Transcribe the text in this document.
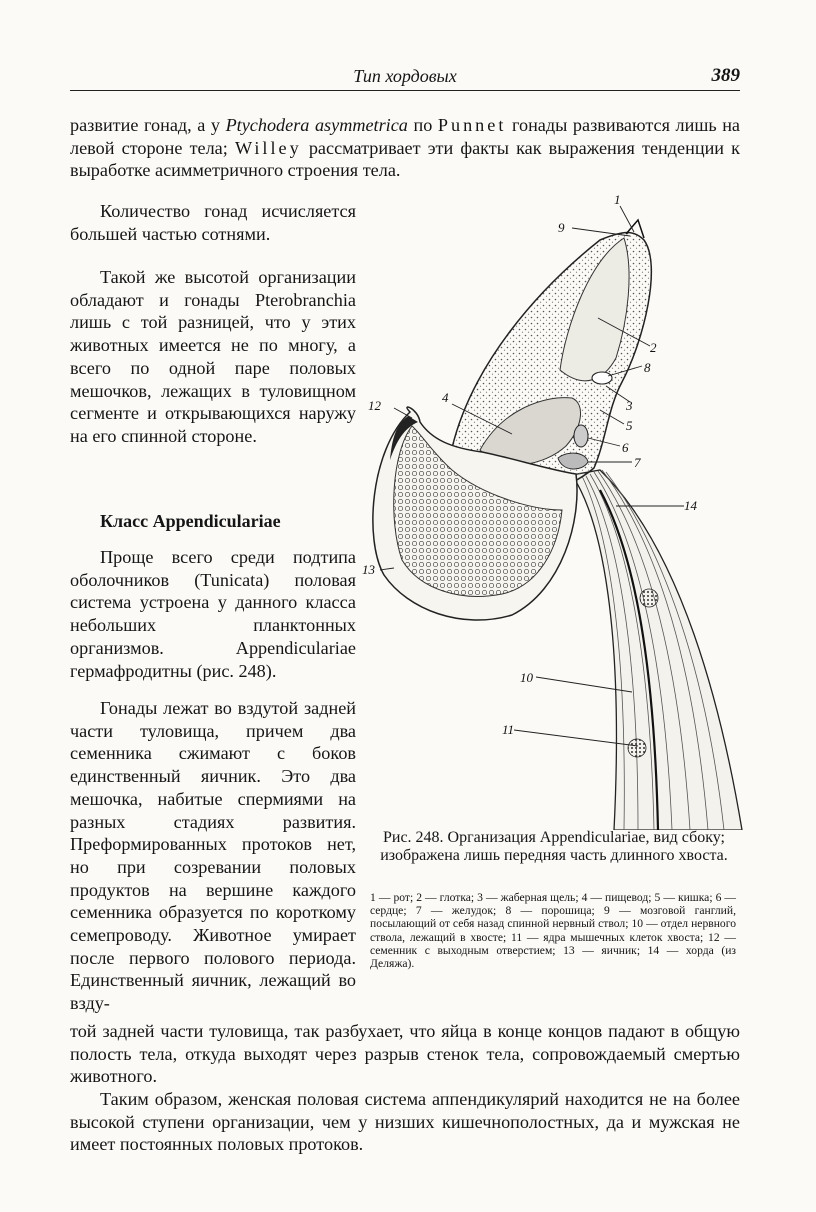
Тип хордовых	389
развитие гонад, а у Ptychodera asymmetrica по Punnet гонады развиваются лишь на левой стороне тела; Willey рассматривает эти факты как выражения тенденции к выработке асимметричного строения тела.
Количество гонад исчисляется большей частью сотнями.
Такой же высотой организации обладают и гонады Pterobranchia лишь с той разницей, что у этих животных имеется не по многу, а всего по одной паре половых мешочков, лежащих в туловищном сегменте и открывающихся наружу на его спинной стороне.
Класс Appendiculariae
Проще всего среди подтипа оболочников (Tunicata) половая система устроена у данного класса небольших планктонных организмов. Appendiculariae гермафродитны (рис. 248).
Гонады лежат во вздутой задней части туловища, причем два семенника сжимают с боков единственный яичник. Это два мешочка, набитые спермиями на разных стадиях развития. Преформированных протоков нет, но при созревании половых продуктов на вершине каждого семенника образуется по короткому семепроводу. Животное умирает после первого полового периода. Единственный яичник, лежащий во взду-
той задней части туловища, так разбухает, что яйца в конце концов падают в общую полость тела, откуда выходят через разрыв стенок тела, сопровождаемый смертью животного.
Таким образом, женская половая система аппендикулярий находится не на более высокой ступени организации, чем у низших кишечнополостных, да и мужская не имеет постоянных половых протоков.
1
2
3
4
5
6
7
8
9
10
11
12
13
14
Рис. 248. Организация Appendiculariae, вид сбоку; изображена лишь передняя часть длинного хвоста.
1 — рот; 2 — глотка; 3 — жаберная щель; 4 — пищевод; 5 — кишка; 6 — сердце; 7 — желудок; 8 — порошица; 9 — мозговой ганглий, посылающий от себя назад спинной нервный ствол; 10 — отдел нервного ствола, лежащий в хвосте; 11 — ядра мышечных клеток хвоста; 12 — семенник с выходным отверстием; 13 — яичник; 14 — хорда (из Деляжа).
